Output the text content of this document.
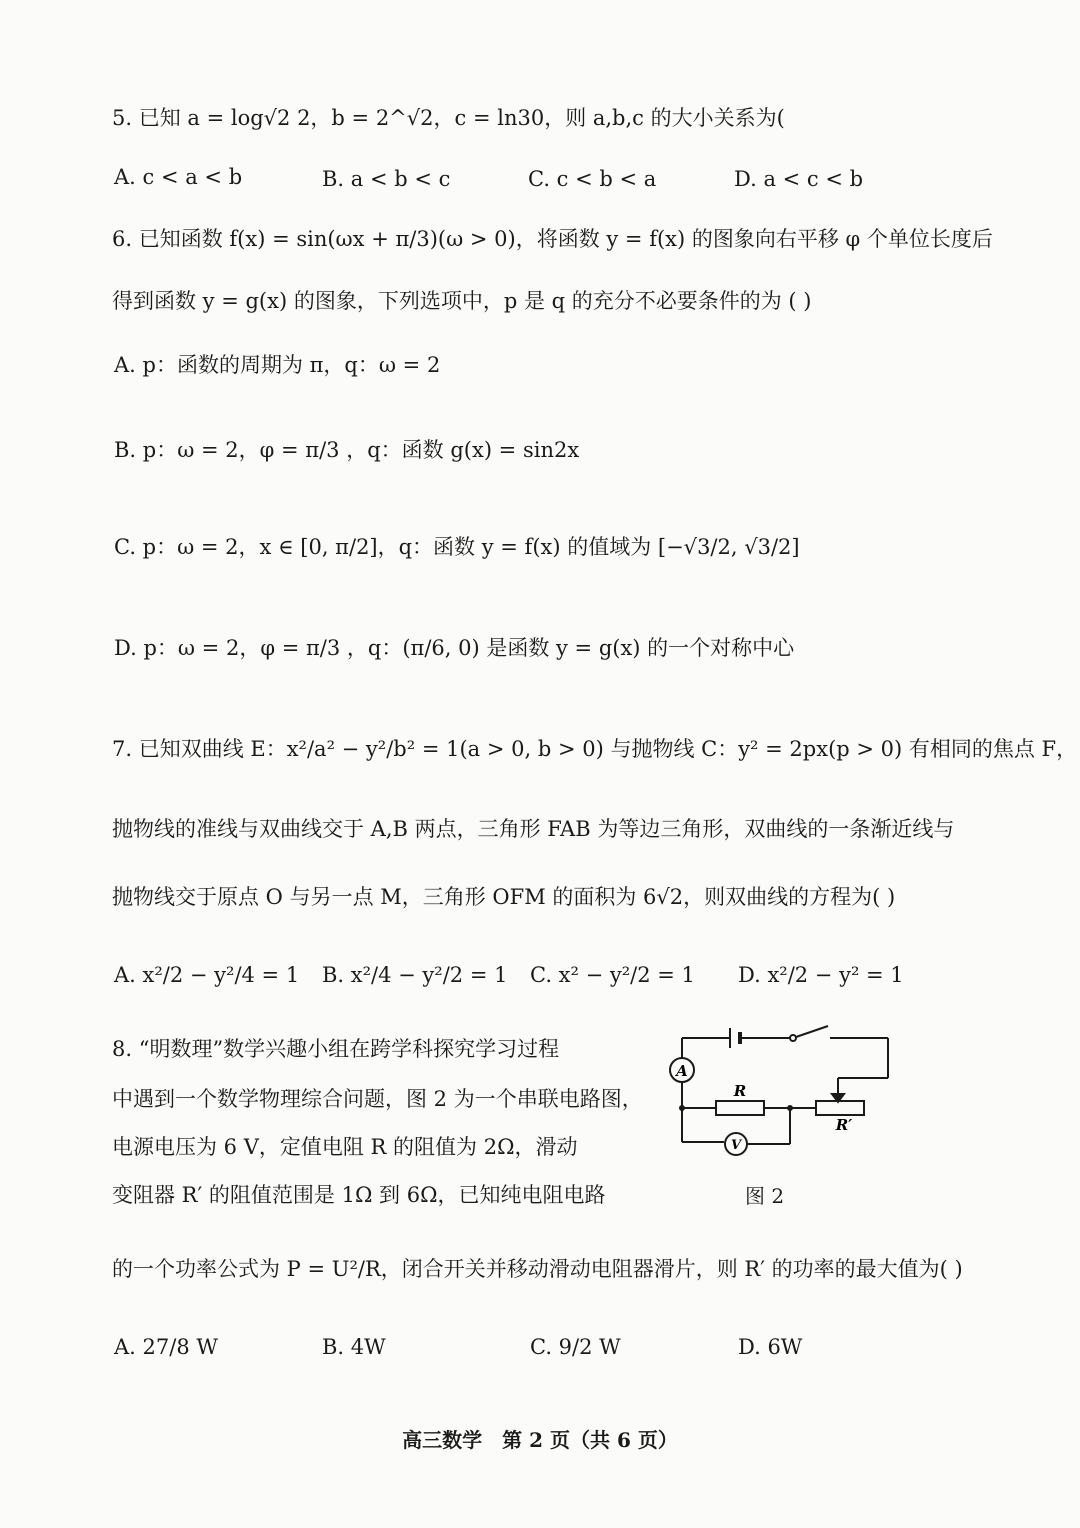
5. 已知 a = log√2 2，b = 2^√2，c = ln30，则 a,b,c 的大小关系为(
A. c < a < b	B. a < b < c	C. c < b < a	D. a < c < b
6. 已知函数 f(x) = sin(ωx + π/3)(ω > 0)，将函数 y = f(x) 的图象向右平移 φ 个单位长度后
得到函数 y = g(x) 的图象，下列选项中，p 是 q 的充分不必要条件的为 ( )
A. p：函数的周期为 π，q：ω = 2
B. p：ω = 2，φ = π/3 ，q：函数 g(x) = sin2x
C. p：ω = 2，x ∈ [0, π/2]，q：函数 y = f(x) 的值域为 [−√3/2, √3/2]
D. p：ω = 2，φ = π/3 ，q：(π/6, 0) 是函数 y = g(x) 的一个对称中心
7. 已知双曲线 E：x²/a² − y²/b² = 1(a > 0, b > 0) 与抛物线 C：y² = 2px(p > 0) 有相同的焦点 F，
抛物线的准线与双曲线交于 A,B 两点，三角形 FAB 为等边三角形，双曲线的一条渐近线与
抛物线交于原点 O 与另一点 M，三角形 OFM 的面积为 6√2，则双曲线的方程为( )
A. x²/2 − y²/4 = 1 B. x²/4 − y²/2 = 1 C. x² − y²/2 = 1 D. x²/2 − y² = 1
8. “明数理”数学兴趣小组在跨学科探究学习过程
中遇到一个数学物理综合问题，图 2 为一个串联电路图，
电源电压为 6 V，定值电阻 R 的阻值为 2Ω，滑动
变阻器 R′ 的阻值范围是 1Ω 到 6Ω，已知纯电阻电路
的一个功率公式为 P = U²/R，闭合开关并移动滑动电阻器滑片，则 R′ 的功率的最大值为( )
A. 27/8 W	B. 4W	C. 9/2 W	D. 6W
A
V
R
R′
图 2
高三数学　第 2 页（共 6 页）
